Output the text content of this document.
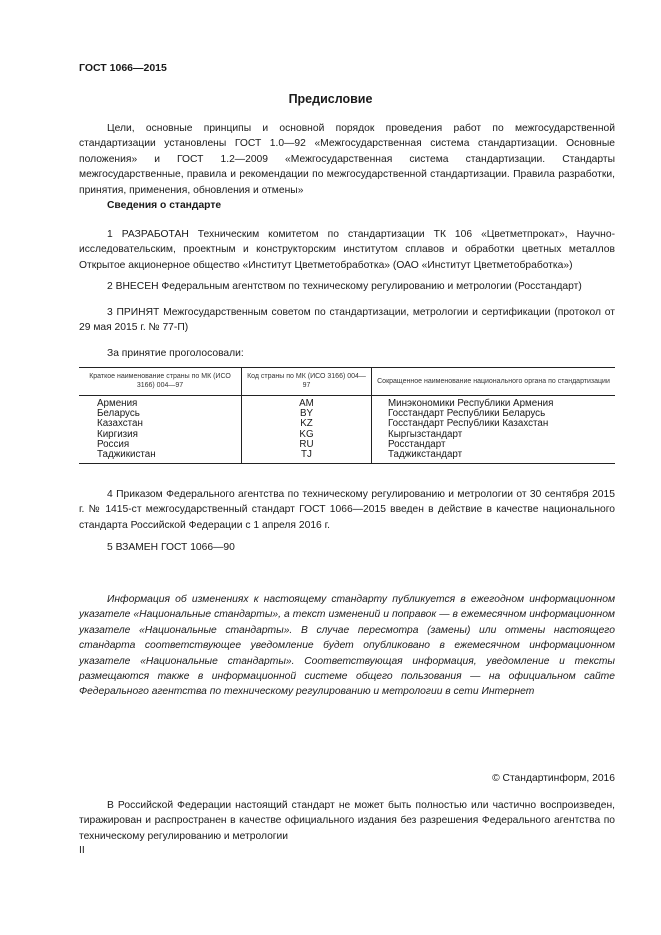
ГОСТ 1066—2015
Предисловие
Цели, основные принципы и основной порядок проведения работ по межгосударственной стандартизации установлены ГОСТ 1.0—92 «Межгосударственная система стандартизации. Основные положения» и ГОСТ 1.2—2009 «Межгосударственная система стандартизации. Стандарты межгосударственные, правила и рекомендации по межгосударственной стандартизации. Правила разработки, принятия, применения, обновления и отмены»
Сведения о стандарте
1 РАЗРАБОТАН Техническим комитетом по стандартизации ТК 106 «Цветметпрокат», Научно-исследовательским, проектным и конструкторским институтом сплавов и обработки цветных металлов Открытое акционерное общество «Институт Цветметобработка» (ОАО «Институт Цветметобработка»)
2 ВНЕСЕН Федеральным агентством по техническому регулированию и метрологии (Росстандарт)
3 ПРИНЯТ Межгосударственным советом по стандартизации, метрологии и сертификации (протокол от 29 мая 2015 г. № 77-П)
За принятие проголосовали:
Краткое наименование страны по МК (ИСО 3166) 004—97	Код страны по МК (ИСО 3166) 004—97	Сокращенное наименование национального органа по стандартизации
Армения	AM	Минэкономики Республики Армения
Беларусь	BY	Госстандарт Республики Беларусь
Казахстан	KZ	Госстандарт Республики Казахстан
Киргизия	KG	Кыргызстандарт
Россия	RU	Росстандарт
Таджикистан	TJ	Таджикстандарт
4 Приказом Федерального агентства по техническому регулированию и метрологии от 30 сентября 2015 г. № 1415-ст межгосударственный стандарт ГОСТ 1066—2015 введен в действие в качестве национального стандарта Российской Федерации с 1 апреля 2016 г.
5 ВЗАМЕН ГОСТ 1066—90
Информация об изменениях к настоящему стандарту публикуется в ежегодном информационном указателе «Национальные стандарты», а текст изменений и поправок — в ежемесячном информационном указателе «Национальные стандарты». В случае пересмотра (замены) или отмены настоящего стандарта соответствующее уведомление будет опубликовано в ежемесячном информационном указателе «Национальные стандарты». Соответствующая информация, уведомление и тексты размещаются также в информационной системе общего пользования — на официальном сайте Федерального агентства по техническому регулированию и метрологии в сети Интернет
© Стандартинформ, 2016
В Российской Федерации настоящий стандарт не может быть полностью или частично воспроизведен, тиражирован и распространен в качестве официального издания без разрешения Федерального агентства по техническому регулированию и метрологии
II
